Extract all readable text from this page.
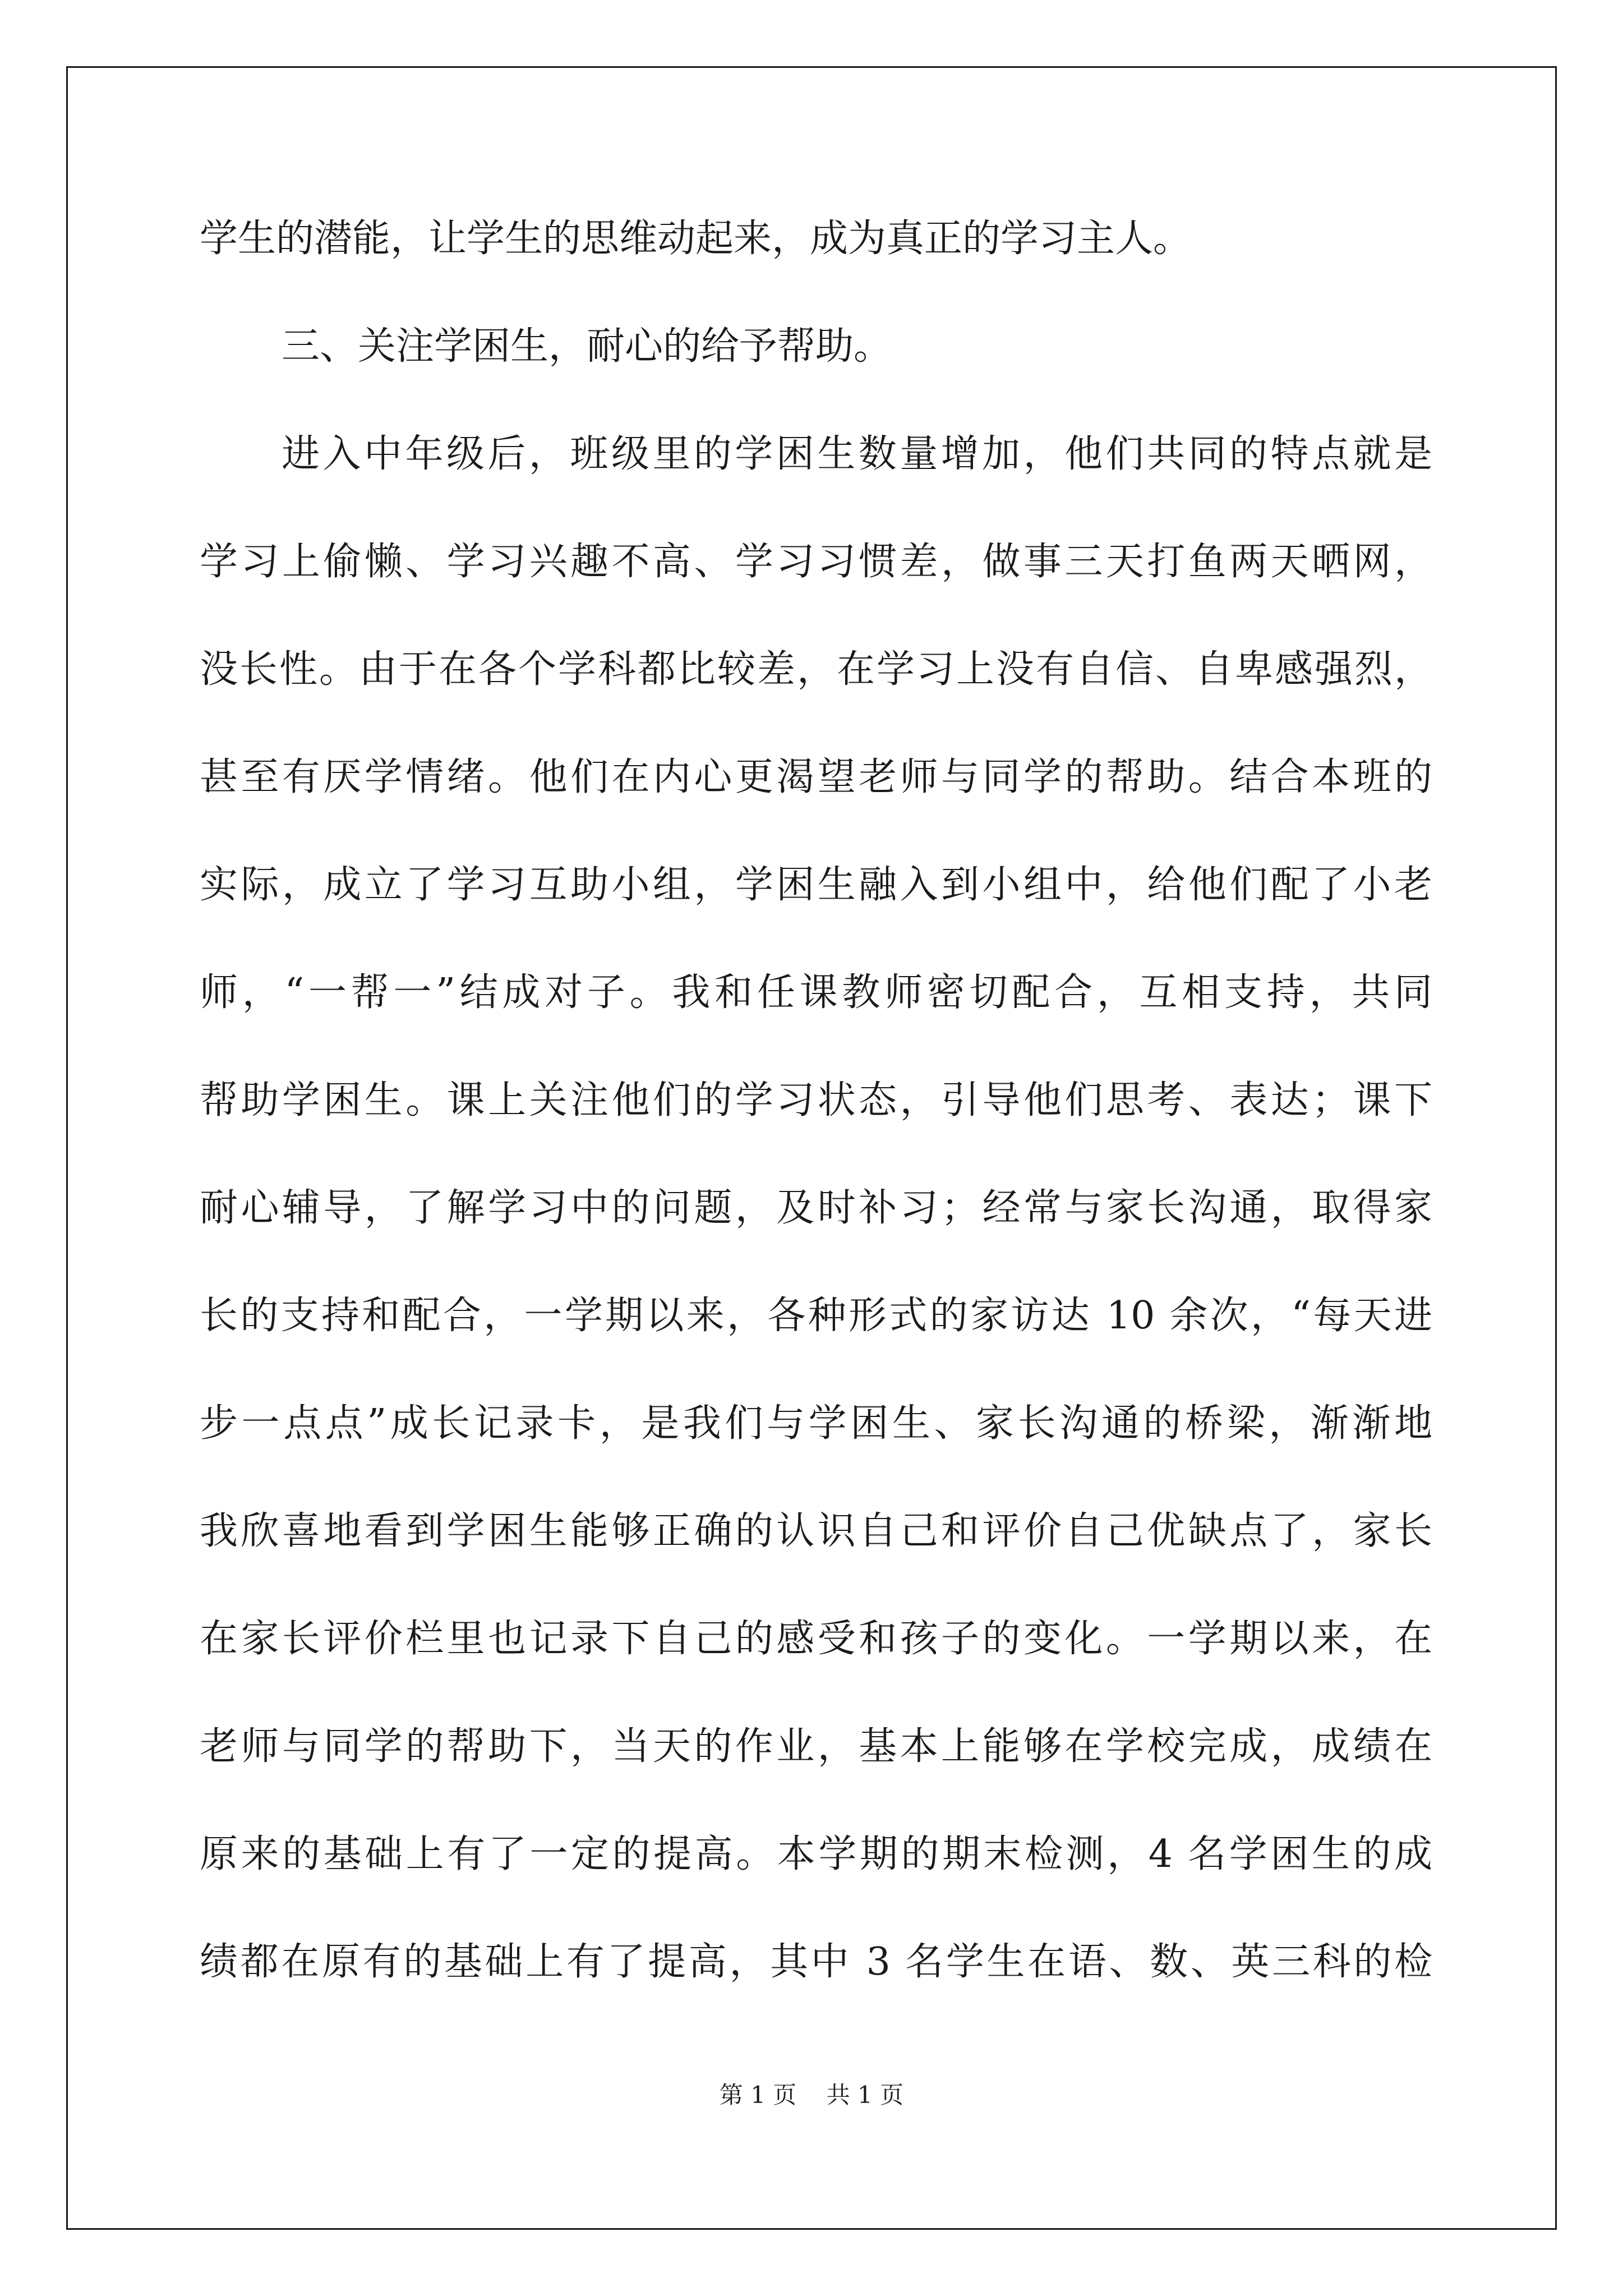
学生的潜能，让学生的思维动起来，成为真正的学习主人。
三、关注学困生，耐心的给予帮助。
进入中年级后，班级里的学困生数量增加，他们共同的特点就是
学习上偷懒、学习兴趣不高、学习习惯差，做事三天打鱼两天晒网，
没长性。由于在各个学科都比较差，在学习上没有自信、自卑感强烈，
甚至有厌学情绪。他们在内心更渴望老师与同学的帮助。结合本班的
实际，成立了学习互助小组，学困生融入到小组中，给他们配了小老
师，“一帮一”结成对子。我和任课教师密切配合，互相支持，共同
帮助学困生。课上关注他们的学习状态，引导他们思考、表达；课下
耐心辅导，了解学习中的问题，及时补习；经常与家长沟通，取得家
长的支持和配合，一学期以来，各种形式的家访达 10 余次，“每天进
步一点点”成长记录卡，是我们与学困生、家长沟通的桥梁，渐渐地
我欣喜地看到学困生能够正确的认识自己和评价自己优缺点了，家长
在家长评价栏里也记录下自己的感受和孩子的变化。一学期以来，在
老师与同学的帮助下，当天的作业，基本上能够在学校完成，成绩在
原来的基础上有了一定的提高。本学期的期末检测，4 名学困生的成
绩都在原有的基础上有了提高，其中 3 名学生在语、数、英三科的检
第 1 页 共 1 页
